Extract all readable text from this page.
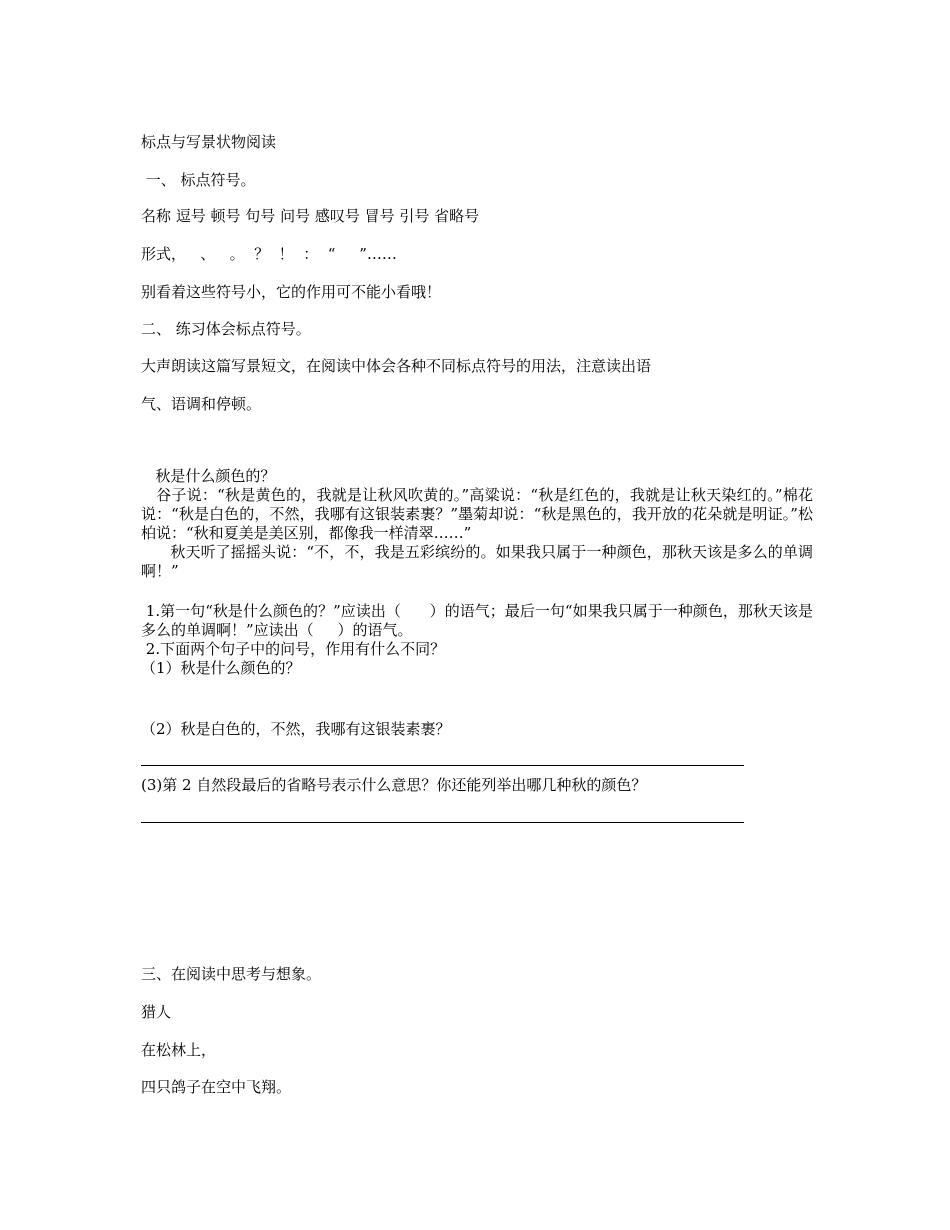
标点与写景状物阅读
一、 标点符号。
名称 逗号 顿号 句号 问号 感叹号 冒号 引号 省略号
形式，   、   。  ？  ！  ：  “     ”……
别看着这些符号小，它的作用可不能小看哦！
二、 练习体会标点符号。
大声朗读这篇写景短文，在阅读中体会各种不同标点符号的用法，注意读出语
气、语调和停顿。

秋是什么颜色的？

谷子说：“秋是黄色的，我就是让秋风吹黄的。”高粱说：“秋是红色的，我就是让秋天染红的。”棉花说：“秋是白色的，不然，我哪有这银装素裹？”墨菊却说：“秋是黑色的，我开放的花朵就是明证。”松柏说：“秋和夏美是美区别，都像我一样清翠……”

秋天听了摇摇头说：“不，不，我是五彩缤纷的。如果我只属于一种颜色，那秋天该是多么的单调啊！”

1.第一句“秋是什么颜色的？”应读出（      ）的语气；最后一句“如果我只属于一种颜色，那秋天该是多么的单调啊！”应读出（     ）的语气。

2.下面两个句子中的问号，作用有什么不同？

（1）秋是什么颜色的？

（2）秋是白色的，不然，我哪有这银装素裹？
(3)第 2 自然段最后的省略号表示什么意思？你还能列举出哪几种秋的颜色？
三、在阅读中思考与想象。
猎人
在松林上，
四只鸽子在空中飞翔。
